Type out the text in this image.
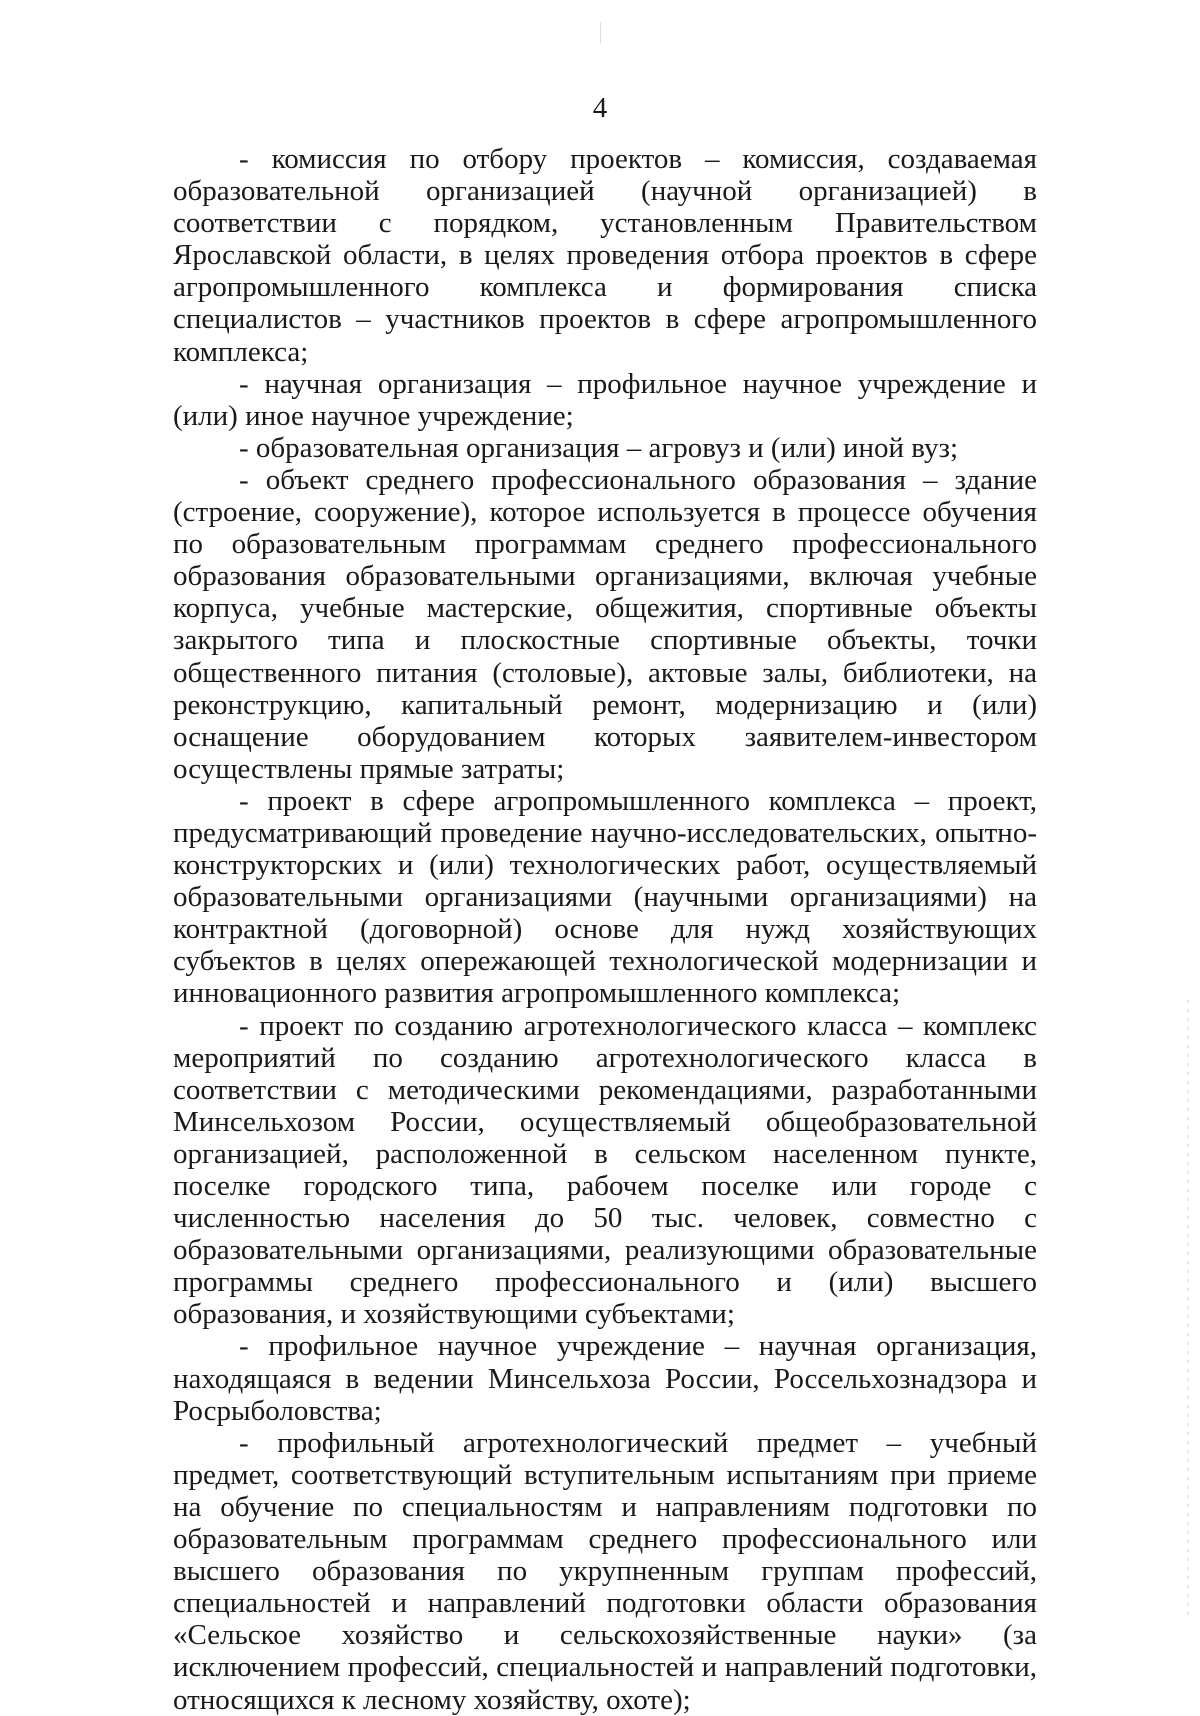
4

- комиссия по отбору проектов – комиссия, создаваемая образовательной организацией (научной организацией) в соответствии с порядком, установленным Правительством Ярославской области, в целях проведения отбора проектов в сфере агропромышленного комплекса и формирования списка специалистов – участников проектов в сфере агропромышленного комплекса;

- научная организация – профильное научное учреждение и (или) иное научное учреждение;

- образовательная организация – агровуз и (или) иной вуз;

- объект среднего профессионального образования – здание (строение, сооружение), которое используется в процессе обучения по образовательным программам среднего профессионального образования образовательными организациями, включая учебные корпуса, учебные мастерские, общежития, спортивные объекты закрытого типа и плоскостные спортивные объекты, точки общественного питания (столовые), актовые залы, библиотеки, на реконструкцию, капитальный ремонт, модернизацию и (или) оснащение оборудованием которых заявителем-инвестором осуществлены прямые затраты;

- проект в сфере агропромышленного комплекса – проект, предусматривающий проведение научно-исследовательских, опытно-конструкторских и (или) технологических работ, осуществляемый образовательными организациями (научными организациями) на контрактной (договорной) основе для нужд хозяйствующих субъектов в целях опережающей технологической модернизации и инновационного развития агропромышленного комплекса;

- проект по созданию агротехнологического класса – комплекс мероприятий по созданию агротехнологического класса в соответствии с методическими рекомендациями, разработанными Минсельхозом России, осуществляемый общеобразовательной организацией, расположенной в сельском населенном пункте, поселке городского типа, рабочем поселке или городе с численностью населения до 50 тыс. человек, совместно с образовательными организациями, реализующими образовательные программы среднего профессионального и (или) высшего образования, и хозяйствующими субъектами;

- профильное научное учреждение – научная организация, находящаяся в ведении Минсельхоза России, Россельхознадзора и Росрыболовства;

- профильный агротехнологический предмет – учебный предмет, соответствующий вступительным испытаниям при приеме на обучение по специальностям и направлениям подготовки по образовательным программам среднего профессионального или высшего образования по укрупненным группам профессий, специальностей и направлений подготовки области образования «Сельское хозяйство и сельскохозяйственные науки» (за исключением профессий, специальностей и направлений подготовки, относящихся к лесному хозяйству, охоте);
